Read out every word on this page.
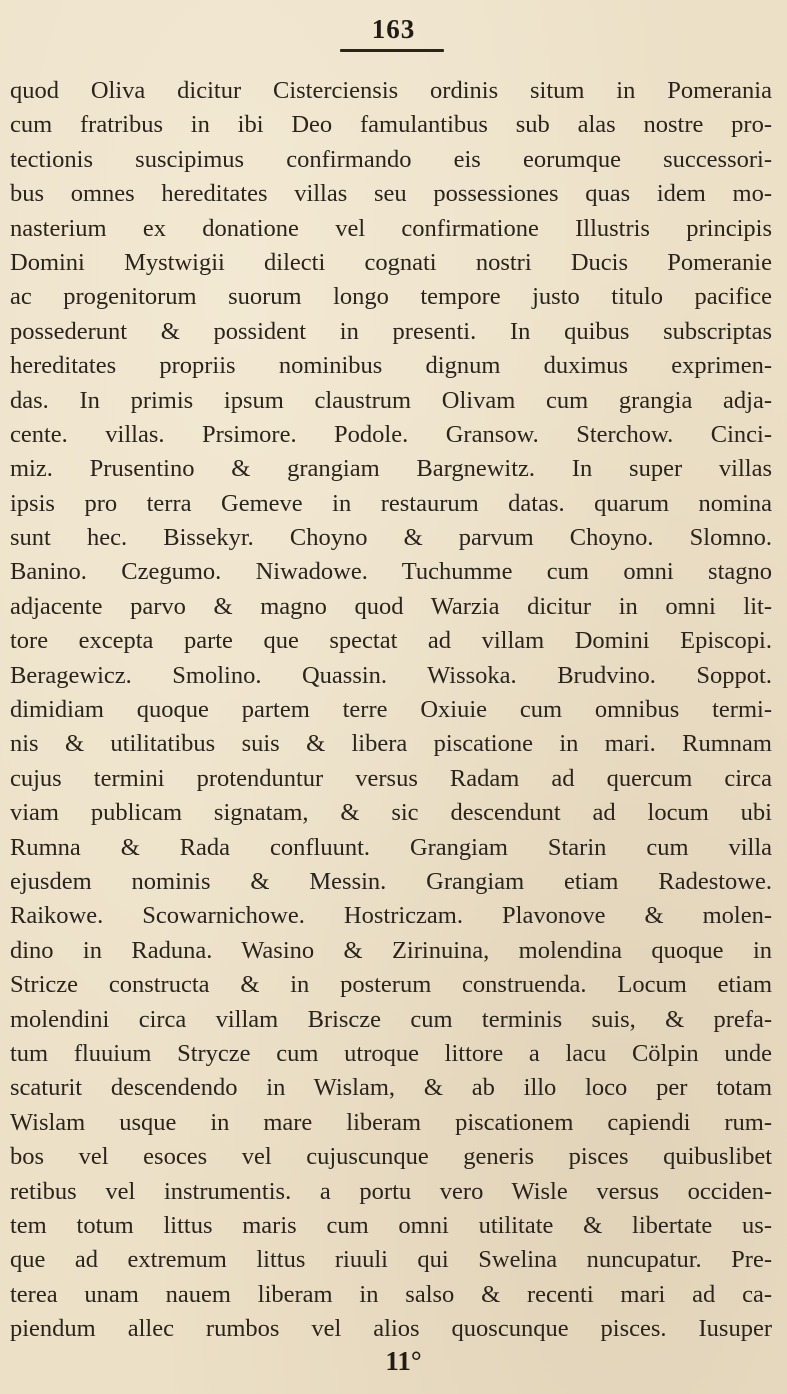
163
quod Oliva dicitur Cisterciensis ordinis situm in Pomerania
cum fratribus in ibi Deo famulantibus sub alas nostre pro-
tectionis suscipimus confirmando eis eorumque successori-
bus omnes hereditates villas seu possessiones quas idem mo-
nasterium ex donatione vel confirmatione Illustris principis
Domini Mystwigii dilecti cognati nostri Ducis Pomeranie
ac progenitorum suorum longo tempore justo titulo pacifice
possederunt & possident in presenti. In quibus subscriptas
hereditates propriis nominibus dignum duximus exprimen-
das. In primis ipsum claustrum Olivam cum grangia adja-
cente. villas. Prsimore. Podole. Gransow. Sterchow. Cinci-
miz. Prusentino & grangiam Bargnewitz. In super villas
ipsis pro terra Gemeve in restaurum datas. quarum nomina
sunt hec. Bissekyr. Choyno & parvum Choyno. Slomno.
Banino. Czegumo. Niwadowe. Tuchumme cum omni stagno
adjacente parvo & magno quod Warzia dicitur in omni lit-
tore excepta parte que spectat ad villam Domini Episcopi.
Beragewicz. Smolino. Quassin. Wissoka. Brudvino. Soppot.
dimidiam quoque partem terre Oxiuie cum omnibus termi-
nis & utilitatibus suis & libera piscatione in mari. Rumnam
cujus termini protenduntur versus Radam ad quercum circa
viam publicam signatam, & sic descendunt ad locum ubi
Rumna & Rada confluunt. Grangiam Starin cum villa
ejusdem nominis & Messin. Grangiam etiam Radestowe.
Raikowe. Scowarnichowe. Hostriczam. Plavonove & molen-
dino in Raduna. Wasino & Zirinuina, molendina quoque in
Stricze constructa & in posterum construenda. Locum etiam
molendini circa villam Briscze cum terminis suis, & prefa-
tum fluuium Strycze cum utroque littore a lacu Cölpin unde
scaturit descendendo in Wislam, & ab illo loco per totam
Wislam usque in mare liberam piscationem capiendi rum-
bos vel esoces vel cujuscunque generis pisces quibuslibet
retibus vel instrumentis. a portu vero Wisle versus occiden-
tem totum littus maris cum omni utilitate & libertate us-
que ad extremum littus riuuli qui Swelina nuncupatur. Pre-
terea unam nauem liberam in salso & recenti mari ad ca-
piendum allec rumbos vel alios quoscunque pisces. Iusuper
11°
